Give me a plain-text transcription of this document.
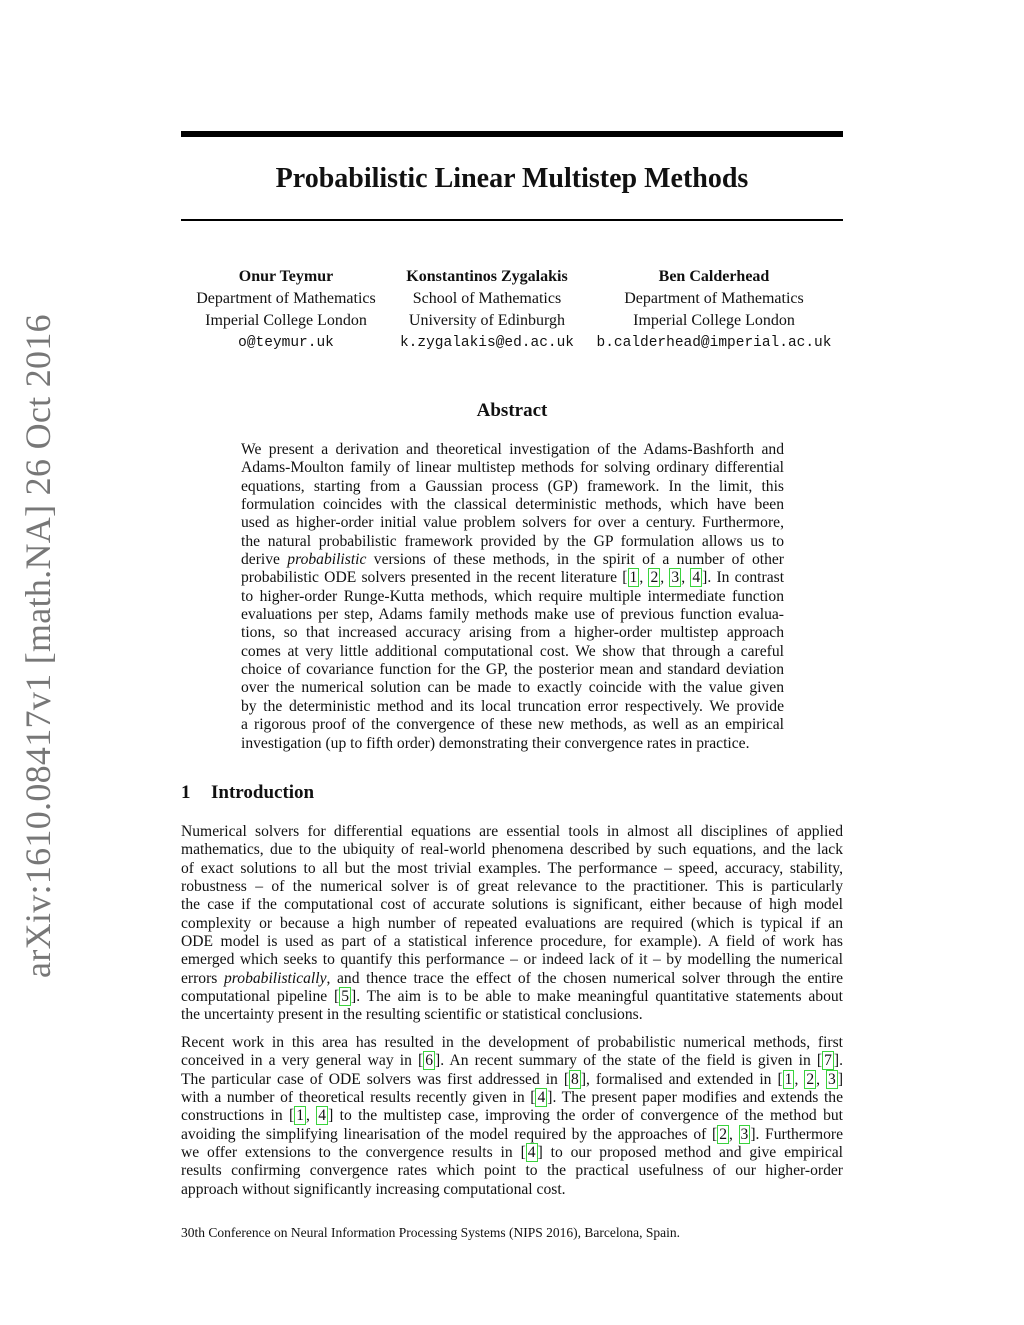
arXiv:1610.08417v1 [math.NA] 26 Oct 2016
Probabilistic Linear Multistep Methods
Onur Teymur
Department of Mathematics
Imperial College London
o@teymur.uk
Konstantinos Zygalakis
School of Mathematics
University of Edinburgh
k.zygalakis@ed.ac.uk
Ben Calderhead
Department of Mathematics
Imperial College London
b.calderhead@imperial.ac.uk
Abstract
We present a derivation and theoretical investigation of the Adams-Bashforth and
Adams-Moulton family of linear multistep methods for solving ordinary differential
equations, starting from a Gaussian process (GP) framework. In the limit, this
formulation coincides with the classical deterministic methods, which have been
used as higher-order initial value problem solvers for over a century. Furthermore,
the natural probabilistic framework provided by the GP formulation allows us to
derive probabilistic versions of these methods, in the spirit of a number of other
probabilistic ODE solvers presented in the recent literature [ 1 , 2 , 3 , 4 ]. In contrast
to higher-order Runge-Kutta methods, which require multiple intermediate function
evaluations per step, Adams family methods make use of previous function evalua-
tions, so that increased accuracy arising from a higher-order multistep approach
comes at very little additional computational cost. We show that through a careful
choice of covariance function for the GP, the posterior mean and standard deviation
over the numerical solution can be made to exactly coincide with the value given
by the deterministic method and its local truncation error respectively. We provide
a rigorous proof of the convergence of these new methods, as well as an empirical
investigation (up to fifth order) demonstrating their convergence rates in practice.
1 Introduction
Numerical solvers for differential equations are essential tools in almost all disciplines of applied
mathematics, due to the ubiquity of real-world phenomena described by such equations, and the lack
of exact solutions to all but the most trivial examples. The performance – speed, accuracy, stability,
robustness – of the numerical solver is of great relevance to the practitioner. This is particularly
the case if the computational cost of accurate solutions is significant, either because of high model
complexity or because a high number of repeated evaluations are required (which is typical if an
ODE model is used as part of a statistical inference procedure, for example). A field of work has
emerged which seeks to quantify this performance – or indeed lack of it – by modelling the numerical
errors probabilistically, and thence trace the effect of the chosen numerical solver through the entire
computational pipeline [ 5 ]. The aim is to be able to make meaningful quantitative statements about
the uncertainty present in the resulting scientific or statistical conclusions.
Recent work in this area has resulted in the development of probabilistic numerical methods, first
conceived in a very general way in [ 6 ]. An recent summary of the state of the field is given in [ 7 ].
The particular case of ODE solvers was first addressed in [ 8 ], formalised and extended in [ 1 , 2 , 3 ]
with a number of theoretical results recently given in [ 4 ]. The present paper modifies and extends the
constructions in [ 1 , 4 ] to the multistep case, improving the order of convergence of the method but
avoiding the simplifying linearisation of the model required by the approaches of [ 2 , 3 ]. Furthermore
we offer extensions to the convergence results in [ 4 ] to our proposed method and give empirical
results confirming convergence rates which point to the practical usefulness of our higher-order
approach without significantly increasing computational cost.
30th Conference on Neural Information Processing Systems (NIPS 2016), Barcelona, Spain.
